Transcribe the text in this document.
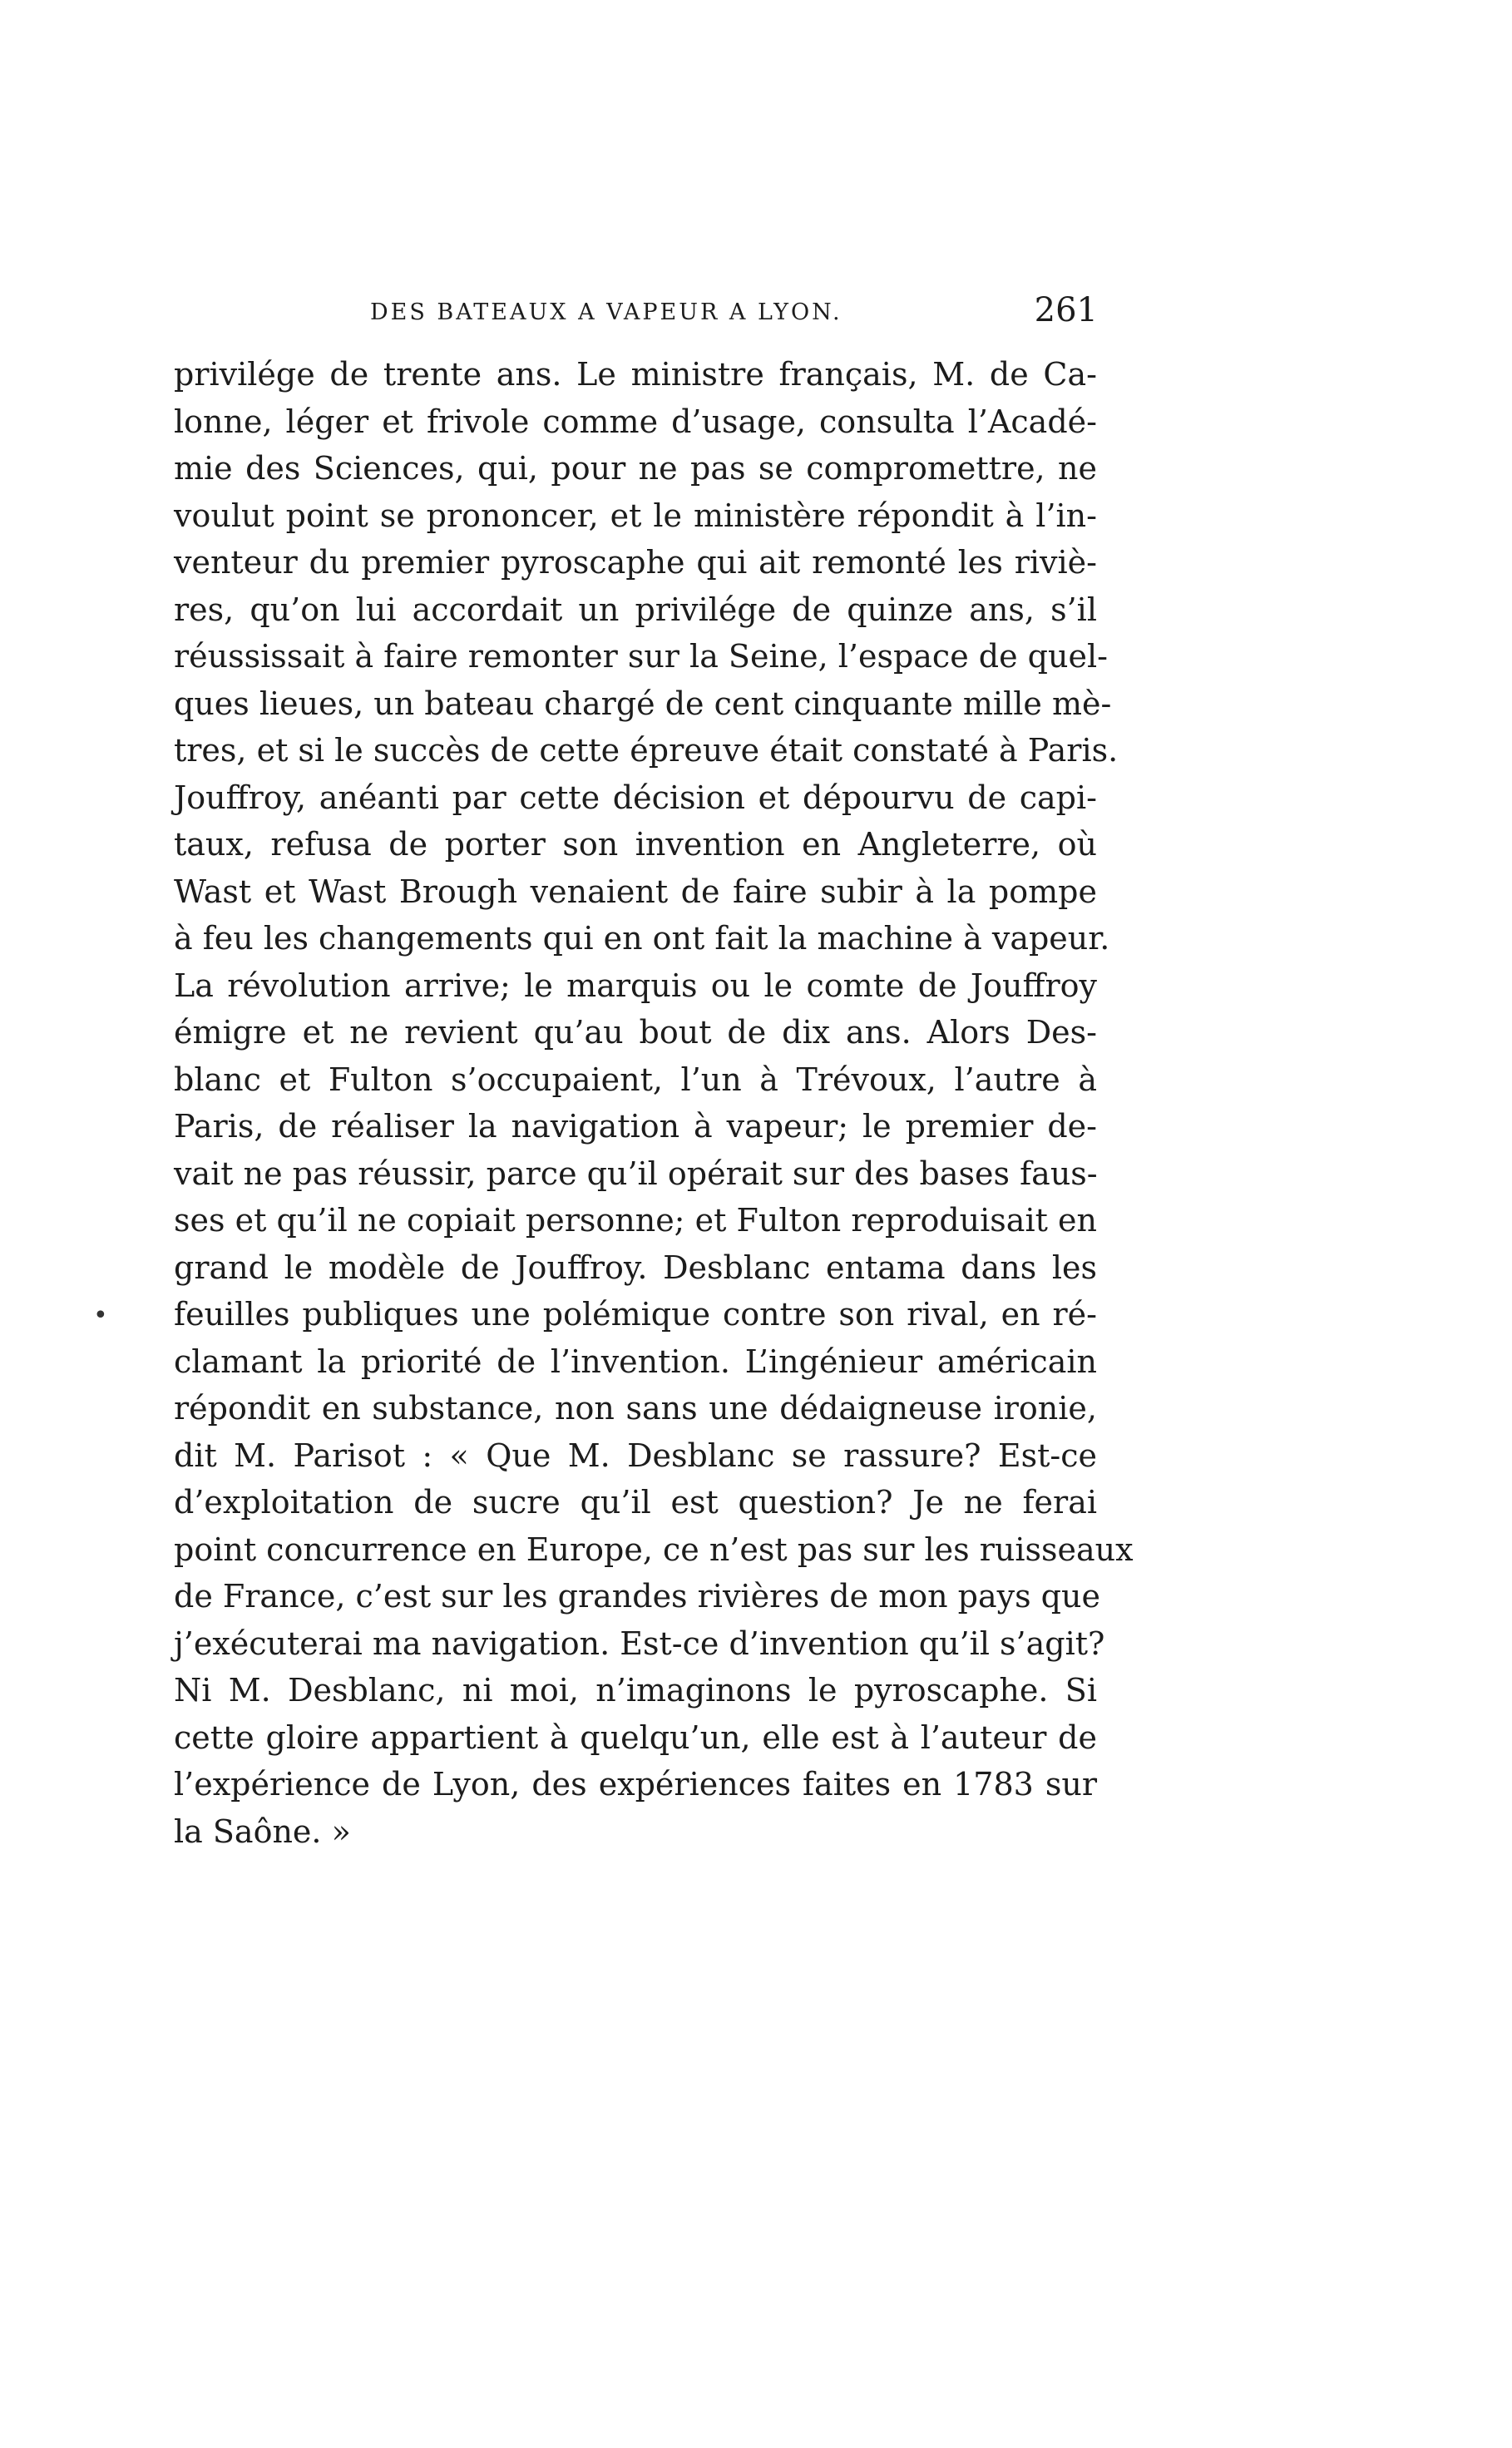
DES BATEAUX A VAPEUR A LYON.	261
•
privilége de trente ans. Le ministre français, M. de Ca-
lonne, léger et frivole comme d’usage, consulta l’Acadé-
mie des Sciences, qui, pour ne pas se compromettre, ne
voulut point se prononcer, et le ministère répondit à l’in-
venteur du premier pyroscaphe qui ait remonté les riviè-
res, qu’on lui accordait un privilége de quinze ans, s’il
réussissait à faire remonter sur la Seine, l’espace de quel-
ques lieues, un bateau chargé de cent cinquante mille mè-
tres, et si le succès de cette épreuve était constaté à Paris.
Jouffroy, anéanti par cette décision et dépourvu de capi-
taux, refusa de porter son invention en Angleterre, où
Wast et Wast Brough venaient de faire subir à la pompe
à feu les changements qui en ont fait la machine à vapeur.
La révolution arrive; le marquis ou le comte de Jouffroy
émigre et ne revient qu’au bout de dix ans. Alors Des-
blanc et Fulton s’occupaient, l’un à Trévoux, l’autre à
Paris, de réaliser la navigation à vapeur; le premier de-
vait ne pas réussir, parce qu’il opérait sur des bases faus-
ses et qu’il ne copiait personne; et Fulton reproduisait en
grand le modèle de Jouffroy. Desblanc entama dans les
feuilles publiques une polémique contre son rival, en ré-
clamant la priorité de l’invention. L’ingénieur américain
répondit en substance, non sans une dédaigneuse ironie,
dit M. Parisot : « Que M. Desblanc se rassure? Est-ce
d’exploitation de sucre qu’il est question? Je ne ferai
point concurrence en Europe, ce n’est pas sur les ruisseaux
de France, c’est sur les grandes rivières de mon pays que
j’exécuterai ma navigation. Est-ce d’invention qu’il s’agit?
Ni M. Desblanc, ni moi, n’imaginons le pyroscaphe. Si
cette gloire appartient à quelqu’un, elle est à l’auteur de
l’expérience de Lyon, des expériences faites en 1783 sur
la Saône. »
